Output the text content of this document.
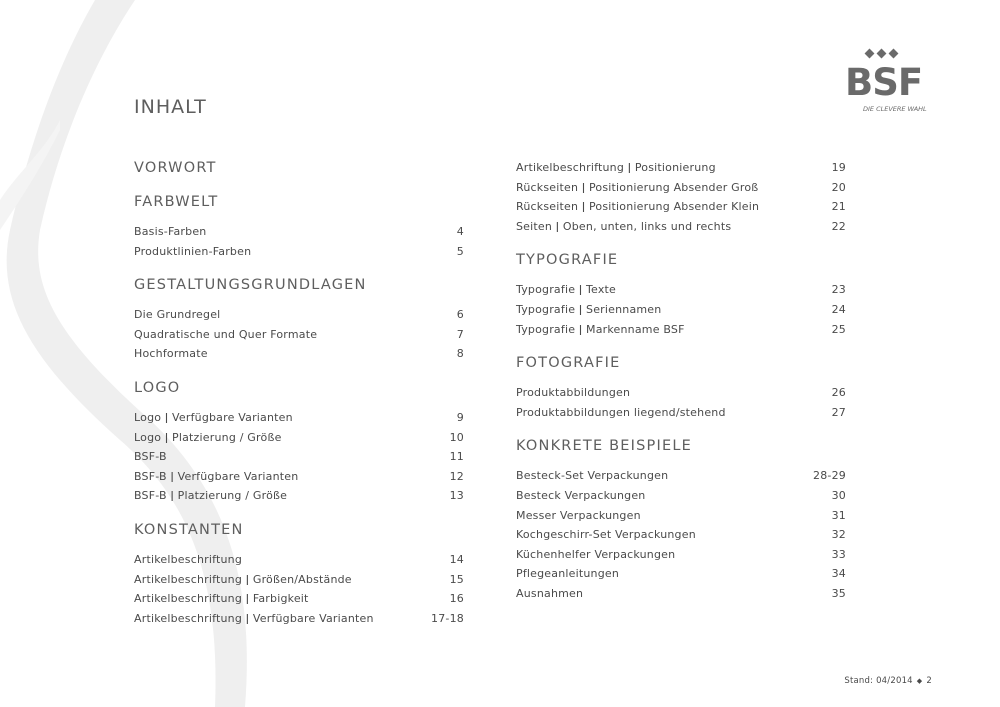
INHALT
BSF
DIE CLEVERE WAHL
VORWORT
FARBWELT
Basis-Farben	4
Produktlinien-Farben	5
GESTALTUNGSGRUNDLAGEN
Die Grundregel	6
Quadratische und Quer Formate	7
Hochformate	8
LOGO
Logo ǀ Verfügbare Varianten	9
Logo ǀ Platzierung / Größe	10
BSF-B	11
BSF-B ǀ Verfügbare Varianten	12
BSF-B ǀ Platzierung / Größe	13
KONSTANTEN
Artikelbeschriftung	14
Artikelbeschriftung ǀ Größen/Abstände	15
Artikelbeschriftung ǀ Farbigkeit	16
Artikelbeschriftung ǀ Verfügbare Varianten	17-18
Artikelbeschriftung ǀ Positionierung	19
Rückseiten ǀ Positionierung Absender Groß	20
Rückseiten ǀ Positionierung Absender Klein	21
Seiten ǀ Oben, unten, links und rechts	22
TYPOGRAFIE
Typografie ǀ Texte	23
Typografie ǀ Seriennamen	24
Typografie ǀ Markenname BSF	25
FOTOGRAFIE
Produktabbildungen	26
Produktabbildungen liegend/stehend	27
KONKRETE BEISPIELE
Besteck-Set Verpackungen	28-29
Besteck Verpackungen	30
Messer Verpackungen	31
Kochgeschirr-Set Verpackungen	32
Küchenhelfer Verpackungen	33
Pflegeanleitungen	34
Ausnahmen	35
Stand: 04/2014 ◆ 2
